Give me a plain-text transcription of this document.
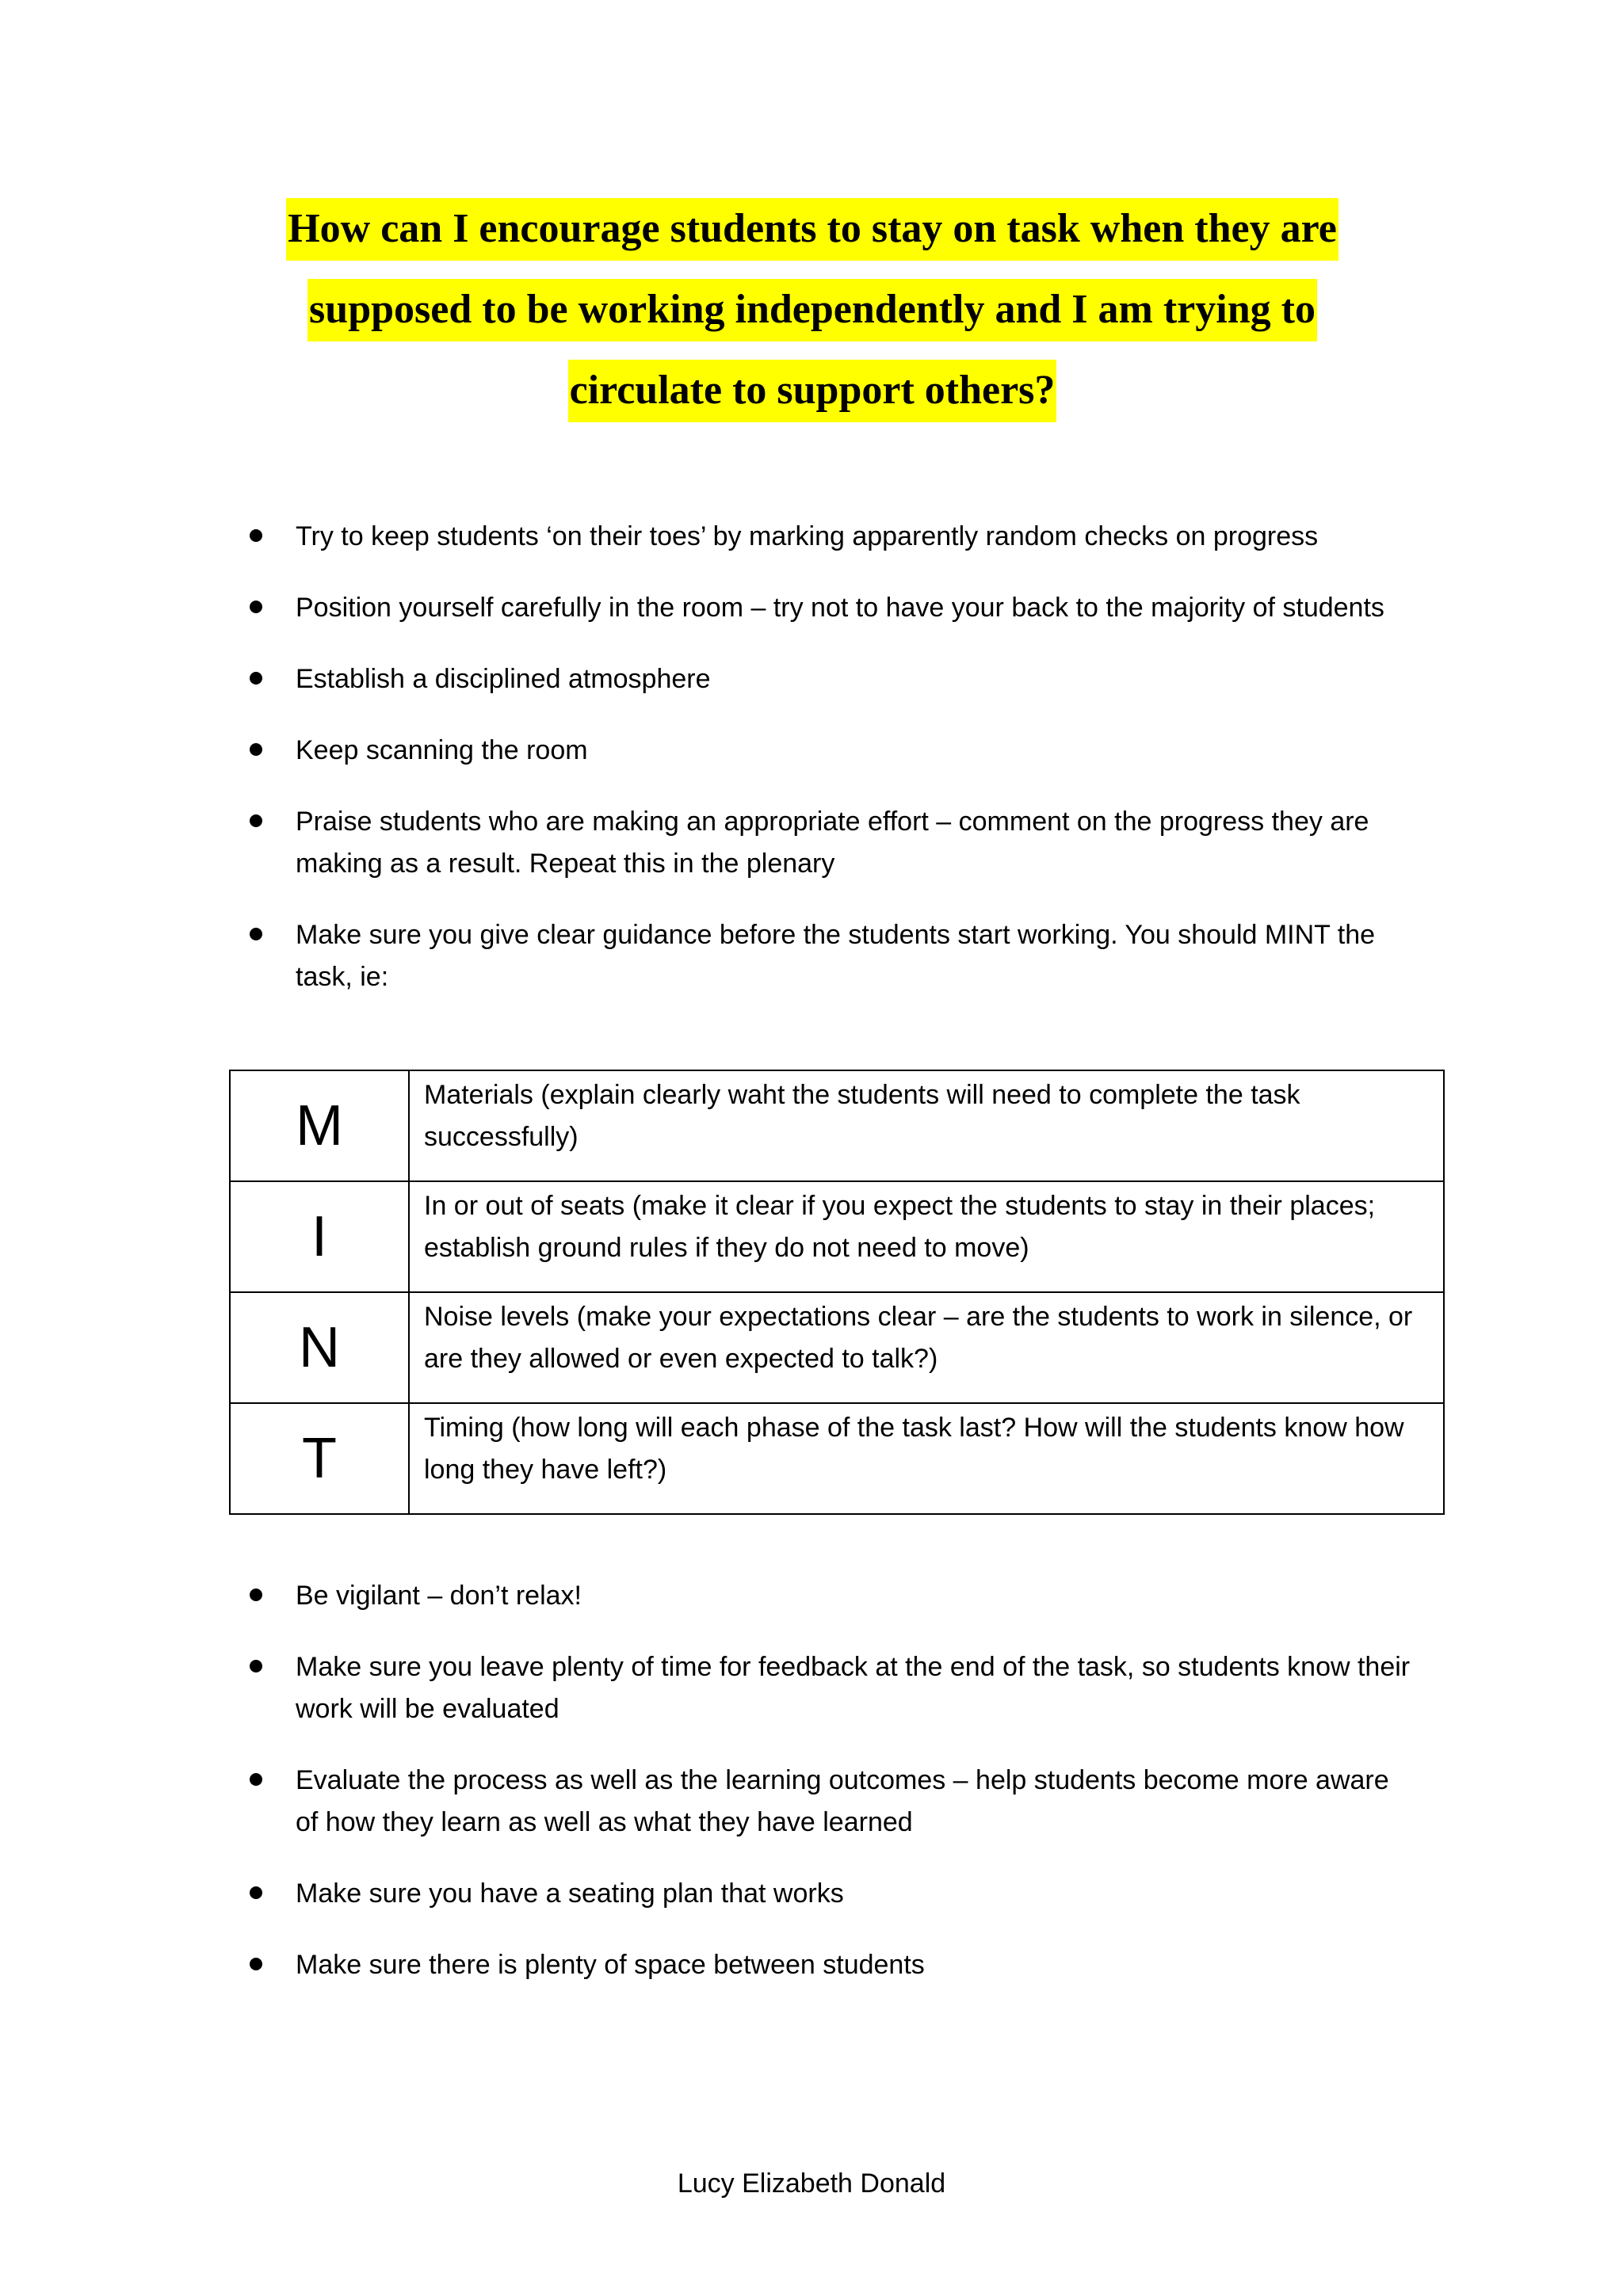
How can I encourage students to stay on task when they are
supposed to be working independently and I am trying to
circulate to support others?
Try to keep students ‘on their toes’ by marking apparently random checks on progress
Position yourself carefully in the room – try not to have your back to the majority of students
Establish a disciplined atmosphere
Keep scanning the room
Praise students who are making an appropriate effort – comment on the progress they are making as a result. Repeat this in the plenary
Make sure you give clear guidance before the students start working. You should MINT the task, ie:
M	Materials (explain clearly waht the students will need to complete the task successfully)
I	In or out of seats (make it clear if you expect the students to stay in their places; establish ground rules if they do not need to move)
N	Noise levels (make your expectations clear – are the students to work in silence, or are they allowed or even expected to talk?)
T	Timing (how long will each phase of the task last? How will the students know how long they have left?)
Be vigilant – don’t relax!
Make sure you leave plenty of time for feedback at the end of the task, so students know their work will be evaluated
Evaluate the process as well as the learning outcomes – help students become more aware of how they learn as well as what they have learned
Make sure you have a seating plan that works
Make sure there is plenty of space between students
Lucy Elizabeth Donald
